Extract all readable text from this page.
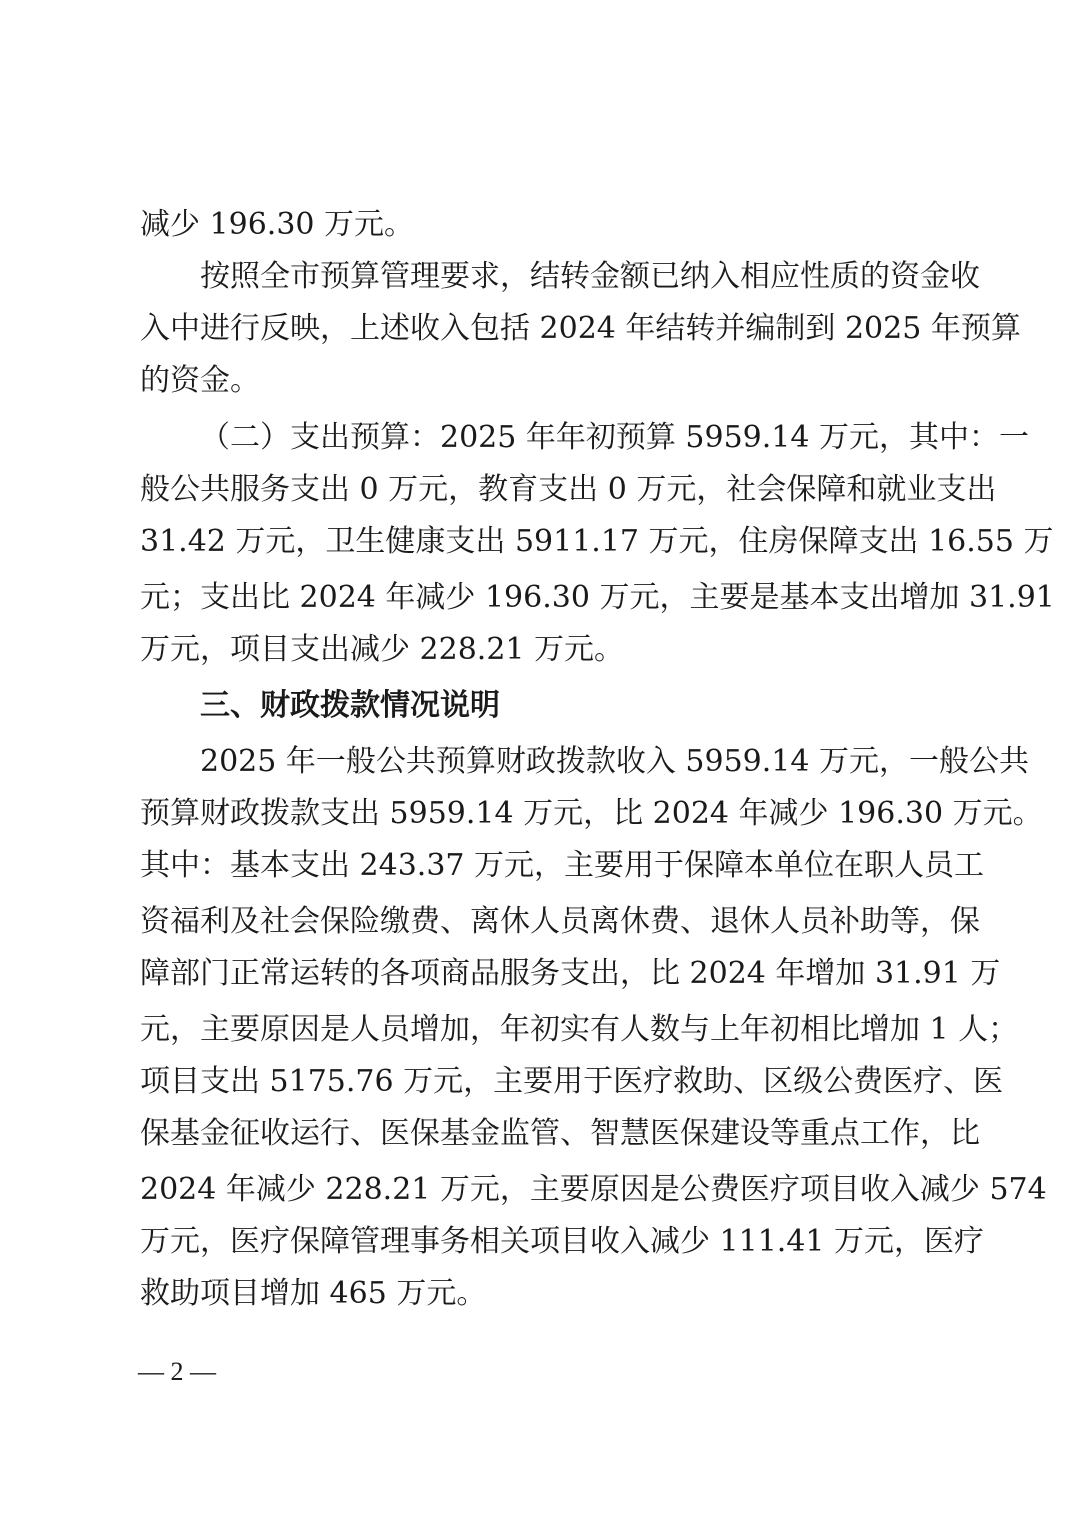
减少 196.30 万元。
按照全市预算管理要求，结转金额已纳入相应性质的资金收
入中进行反映，上述收入包括 2024 年结转并编制到 2025 年预算
的资金。
（二）支出预算：2025 年年初预算 5959.14 万元，其中：一
般公共服务支出 0 万元，教育支出 0 万元，社会保障和就业支出
31.42 万元，卫生健康支出 5911.17 万元，住房保障支出 16.55 万
元；支出比 2024 年减少 196.30 万元，主要是基本支出增加 31.91
万元，项目支出减少 228.21 万元。
三、财政拨款情况说明
2025 年一般公共预算财政拨款收入 5959.14 万元，一般公共
预算财政拨款支出 5959.14 万元，比 2024 年减少 196.30 万元。
其中：基本支出 243.37 万元，主要用于保障本单位在职人员工
资福利及社会保险缴费、离休人员离休费、退休人员补助等，保
障部门正常运转的各项商品服务支出，比 2024 年增加 31.91 万
元，主要原因是人员增加，年初实有人数与上年初相比增加 1 人；
项目支出 5175.76 万元，主要用于医疗救助、区级公费医疗、医
保基金征收运行、医保基金监管、智慧医保建设等重点工作，比
2024 年减少 228.21 万元，主要原因是公费医疗项目收入减少 574
万元，医疗保障管理事务相关项目收入减少 111.41 万元，医疗
救助项目增加 465 万元。
— 2 —
